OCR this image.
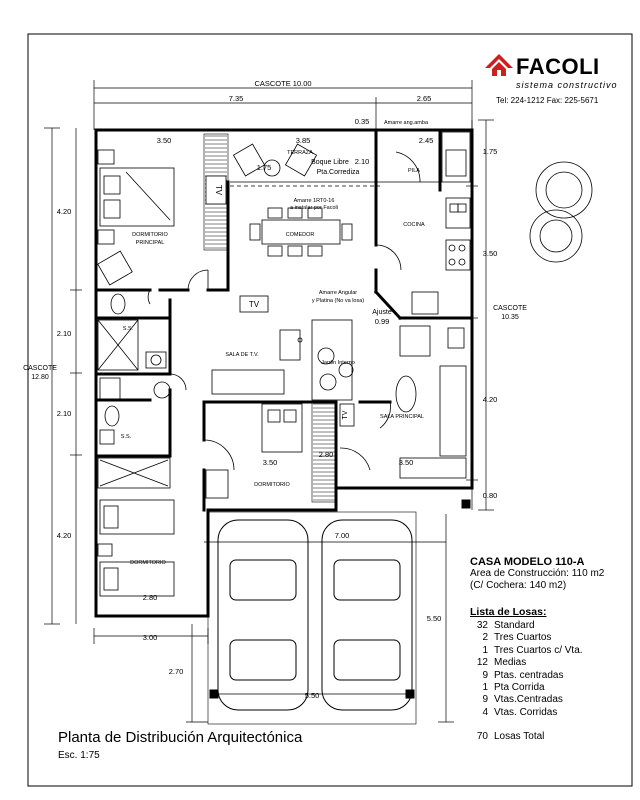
CASCOTE 10.00
7.35	2.65
0.35
3.50	3.85	2.45
1.75
2.10
1.75
3.50
4.20
0.80
0.99
4.20
2.10
2.10
4.20
3.50
2.80
3.50
2.80
3.00
2.70
7.00
5.50
5.50
CASCOTE 10.35
CASCOTE 12.80
TERRAZA
Boque Libre
Pta.Corrediza
Amarre ang.amba
Amarre 1RT0-16
a instalar por Facoli
COMEDOR
PILA
COCINA
DORMITORIO
PRINCIPAL
TV
TV
TV
Amarre Angular
y Platina (No va losa)
Ajuste
S.S.
S.S.
SALA DE T.V.
Jardin Interno
SALA PRINCIPAL
DORMITORIO
DORMITORIO
FACOLI
sistema constructivo
Tel: 224-1212 Fax: 225-5671
CASA MODELO 110-A
Area de Construcción: 110 m2
(C/ Cochera: 140 m2)
Lista de Losas:
32 Standard
2 Tres Cuartos
1 Tres Cuartos c/ Vta.
12 Medias
9 Ptas. centradas
1 Pta Corrida
9 Vtas.Centradas
4 Vtas. Corridas
70 Losas Total
Planta de Distribución Arquitectónica
Esc. 1:75
